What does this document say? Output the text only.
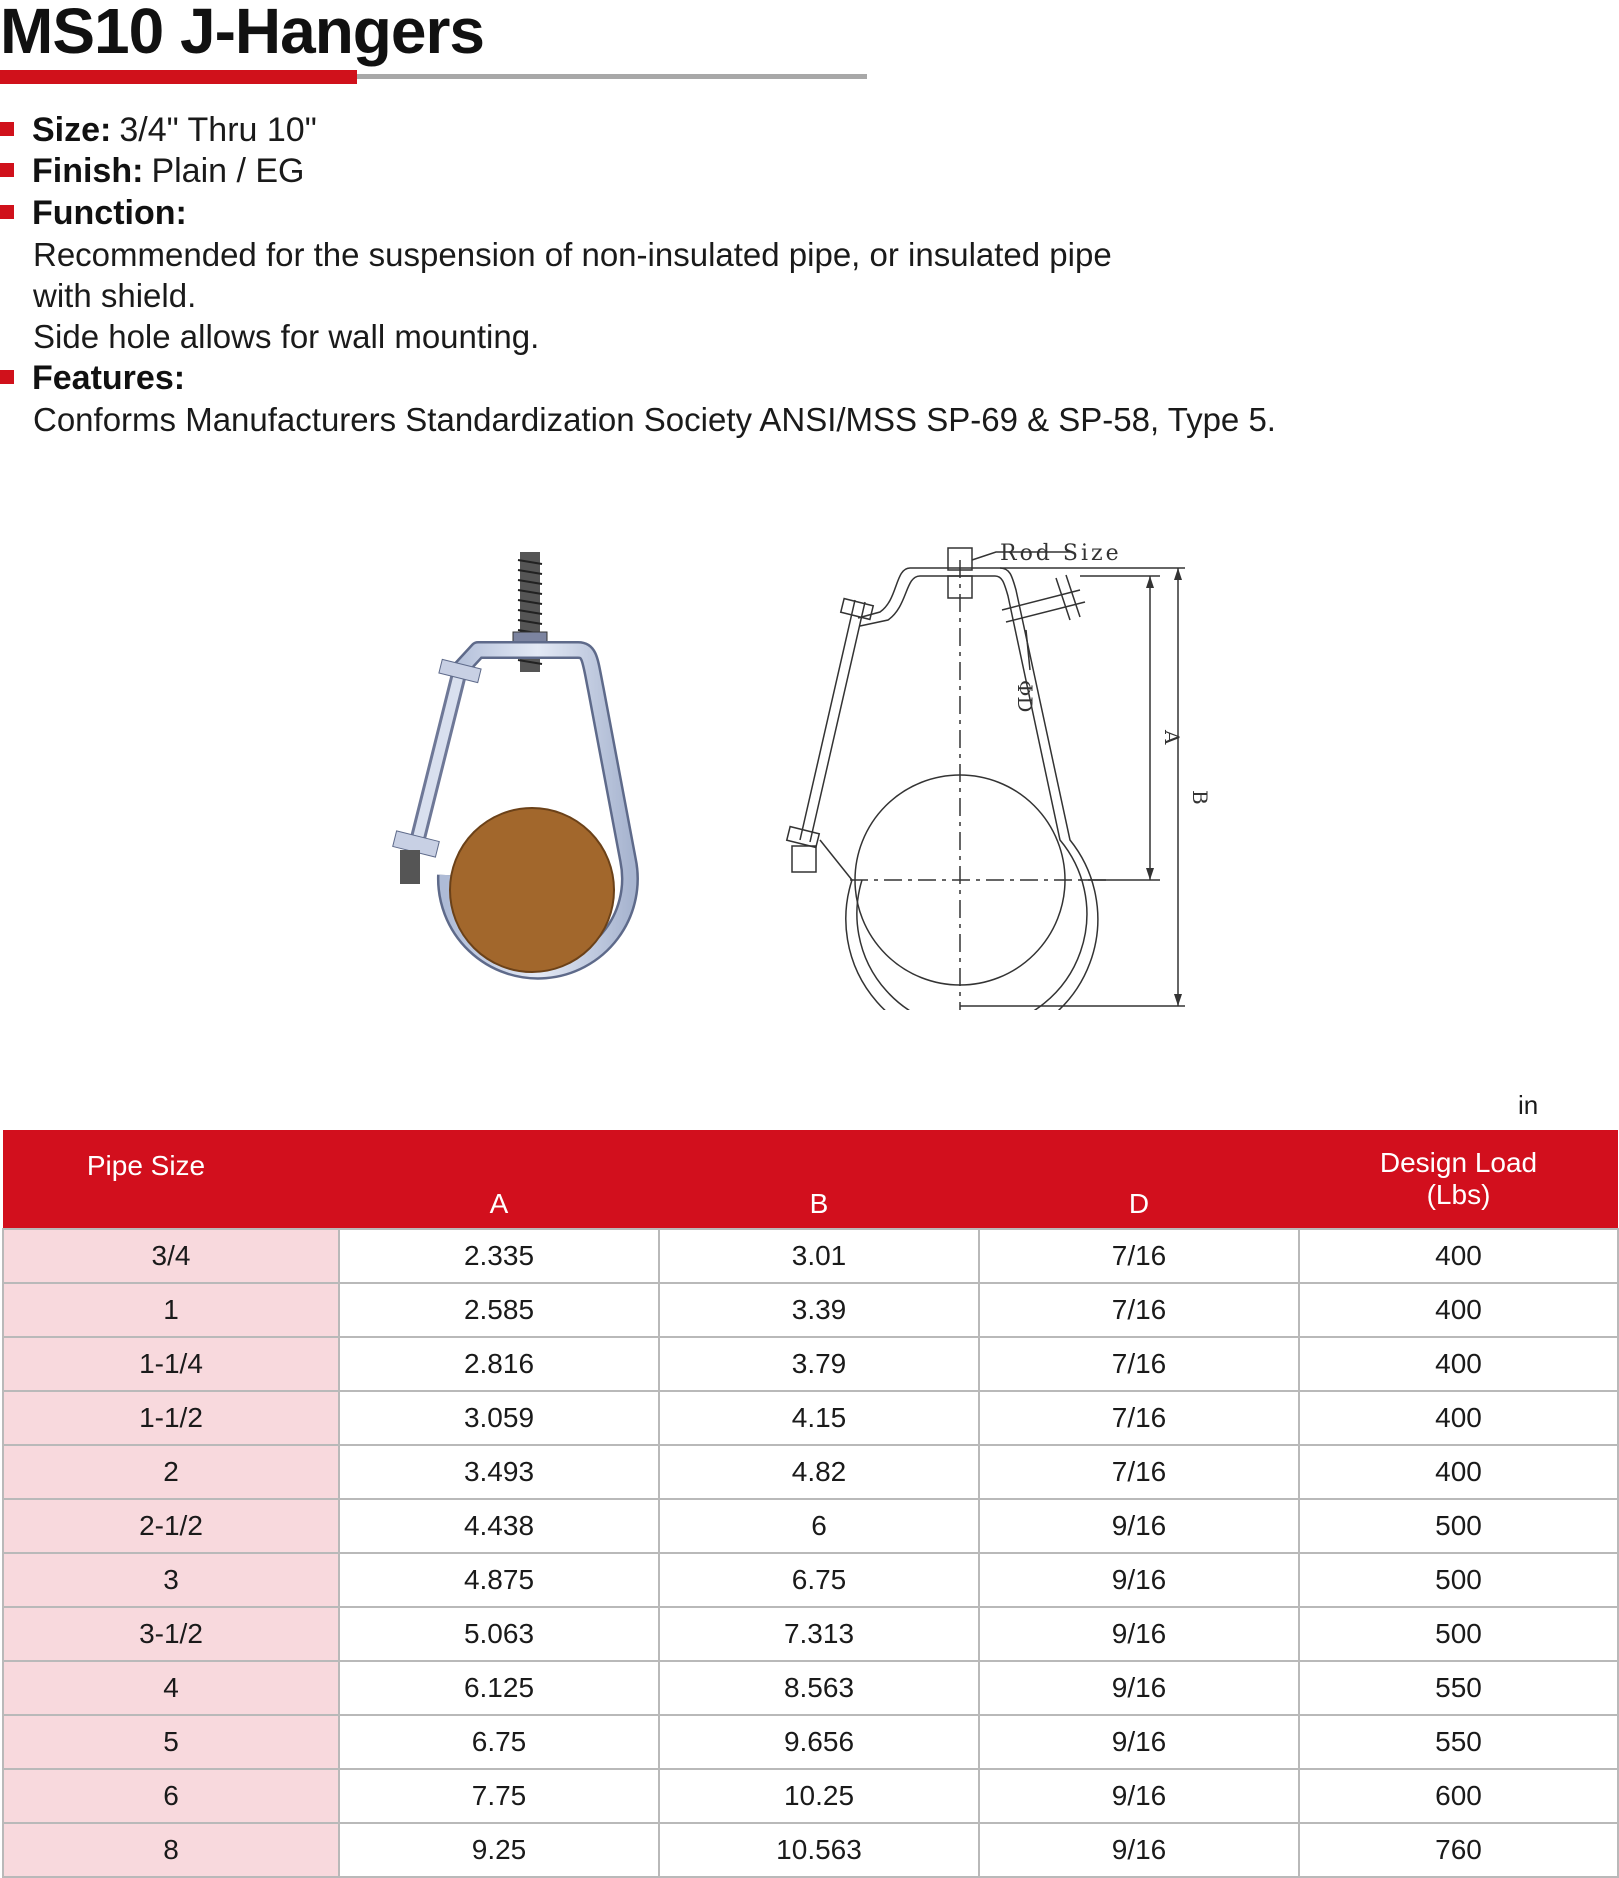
MS10 J-Hangers
Size: 3/4" Thru 10"
Finish: Plain / EG
Function:
Recommended for the suspension of non-insulated pipe, or insulated pipe
with shield.
Side hole allows for wall mounting.
Features:
Conforms Manufacturers Standardization Society ANSI/MSS SP-69 & SP-58, Type 5.
Rod Size
A
B
ΦD
in
Pipe Size	A	B	D	Design Load
(Lbs)
3/4	2.335	3.01	7/16	400
1	2.585	3.39	7/16	400
1-1/4	2.816	3.79	7/16	400
1-1/2	3.059	4.15	7/16	400
2	3.493	4.82	7/16	400
2-1/2	4.438	6	9/16	500
3	4.875	6.75	9/16	500
3-1/2	5.063	7.313	9/16	500
4	6.125	8.563	9/16	550
5	6.75	9.656	9/16	550
6	7.75	10.25	9/16	600
8	9.25	10.563	9/16	760
